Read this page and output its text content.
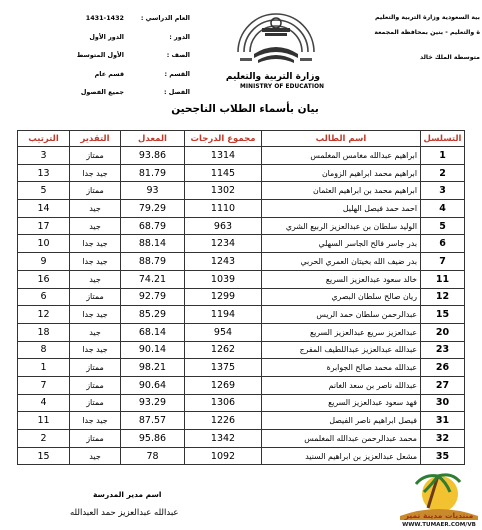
بية السعودية وزارة التربية والتعليم
ة والتعليم - بنين بمحافظة المجمعة
متوسطة الملك خالد
العام الدراسي :
1431-1432
الدور :
الدور الأول
الصف :
الأول المتوسط
القسم :
قسم عام
الفصل :
جميع الفصول
وزارة التربية والتعليم
MINISTRY OF EDUCATION
بيان بأسماء الطلاب الناجحين
التسلسل	اسم الطالب	مجموع الدرجات	المعدل	التقدير	الترتيب
1	ابراهيم عبدالله مغامس المغلمس	1314	93.86	ممتاز	3
2	ابراهيم محمد ابراهيم الزومان	1145	81.79	جيد جدا	13
3	ابراهيم محمد بن ابراهيم العثمان	1302	93	ممتاز	5
4	احمد حمد فيصل الهليل	1110	79.29	جيد	14
5	الوليد سلطان بن عبدالعزيز الربيع الشري	963	68.79	جيد	17
6	بدر جاسر فالح الجاسر السهلي	1234	88.14	جيد جدا	10
7	بدر ضيف الله بخيتان العمري الحربي	1243	88.79	جيد جدا	9
11	خالد سعود عبدالعزيز السريع	1039	74.21	جيد	16
12	ريان صالح سلطان البصري	1299	92.79	ممتاز	6
15	عبدالرحمن سلطان حمد الريس	1194	85.29	جيد جدا	12
20	عبدالعزيز سريع عبدالعزيز السريع	954	68.14	جيد	18
23	عبدالله عبدالعزيز عبداللطيف المفرج	1262	90.14	جيد جدا	8
26	عبدالله محمد صالح الجوابرة	1375	98.21	ممتاز	1
27	عبدالله ناصر بن سعد الغانم	1269	90.64	ممتاز	7
30	فهد سعود عبدالعزيز السريع	1306	93.29	ممتاز	4
31	فيصل ابراهيم ناصر الفيصل	1226	87.57	جيد جدا	11
32	محمد عبدالرحمن عبدالله المغلمس	1342	95.86	ممتاز	2
35	مشعل عبدالعزيز بن ابراهيم السنيد	1092	78	جيد	15
اسم مدير المدرسة
عبدالله عبدالعزيز حمد العبدالله	منتديات مدينة تمير
WWW.TUMAER.COM/VB
